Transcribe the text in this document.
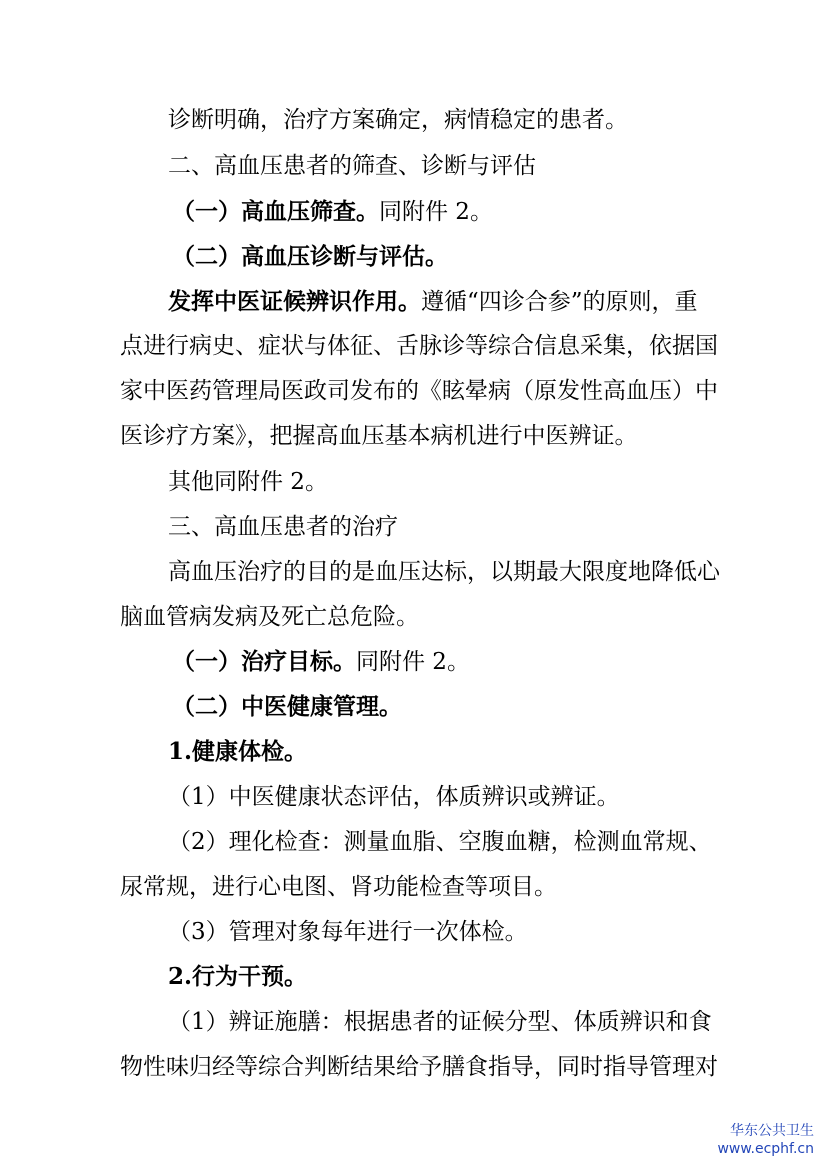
诊断明确，治疗方案确定，病情稳定的患者。
二、高血压患者的筛查、诊断与评估
（一）高血压筛查。同附件 2。
（二）高血压诊断与评估。
发挥中医证候辨识作用。遵循“四诊合参”的原则，重
点进行病史、症状与体征、舌脉诊等综合信息采集，依据国
家中医药管理局医政司发布的《眩晕病（原发性高血压）中
医诊疗方案》，把握高血压基本病机进行中医辨证。
其他同附件 2。
三、高血压患者的治疗
高血压治疗的目的是血压达标，以期最大限度地降低心
脑血管病发病及死亡总危险。
（一）治疗目标。同附件 2。
（二）中医健康管理。
1.健康体检。
（1）中医健康状态评估，体质辨识或辨证。
（2）理化检查：测量血脂、空腹血糖，检测血常规、
尿常规，进行心电图、肾功能检查等项目。
（3）管理对象每年进行一次体检。
2.行为干预。
（1）辨证施膳：根据患者的证候分型、体质辨识和食
物性味归经等综合判断结果给予膳食指导，同时指导管理对
华东公共卫生
www.ecphf.cn
